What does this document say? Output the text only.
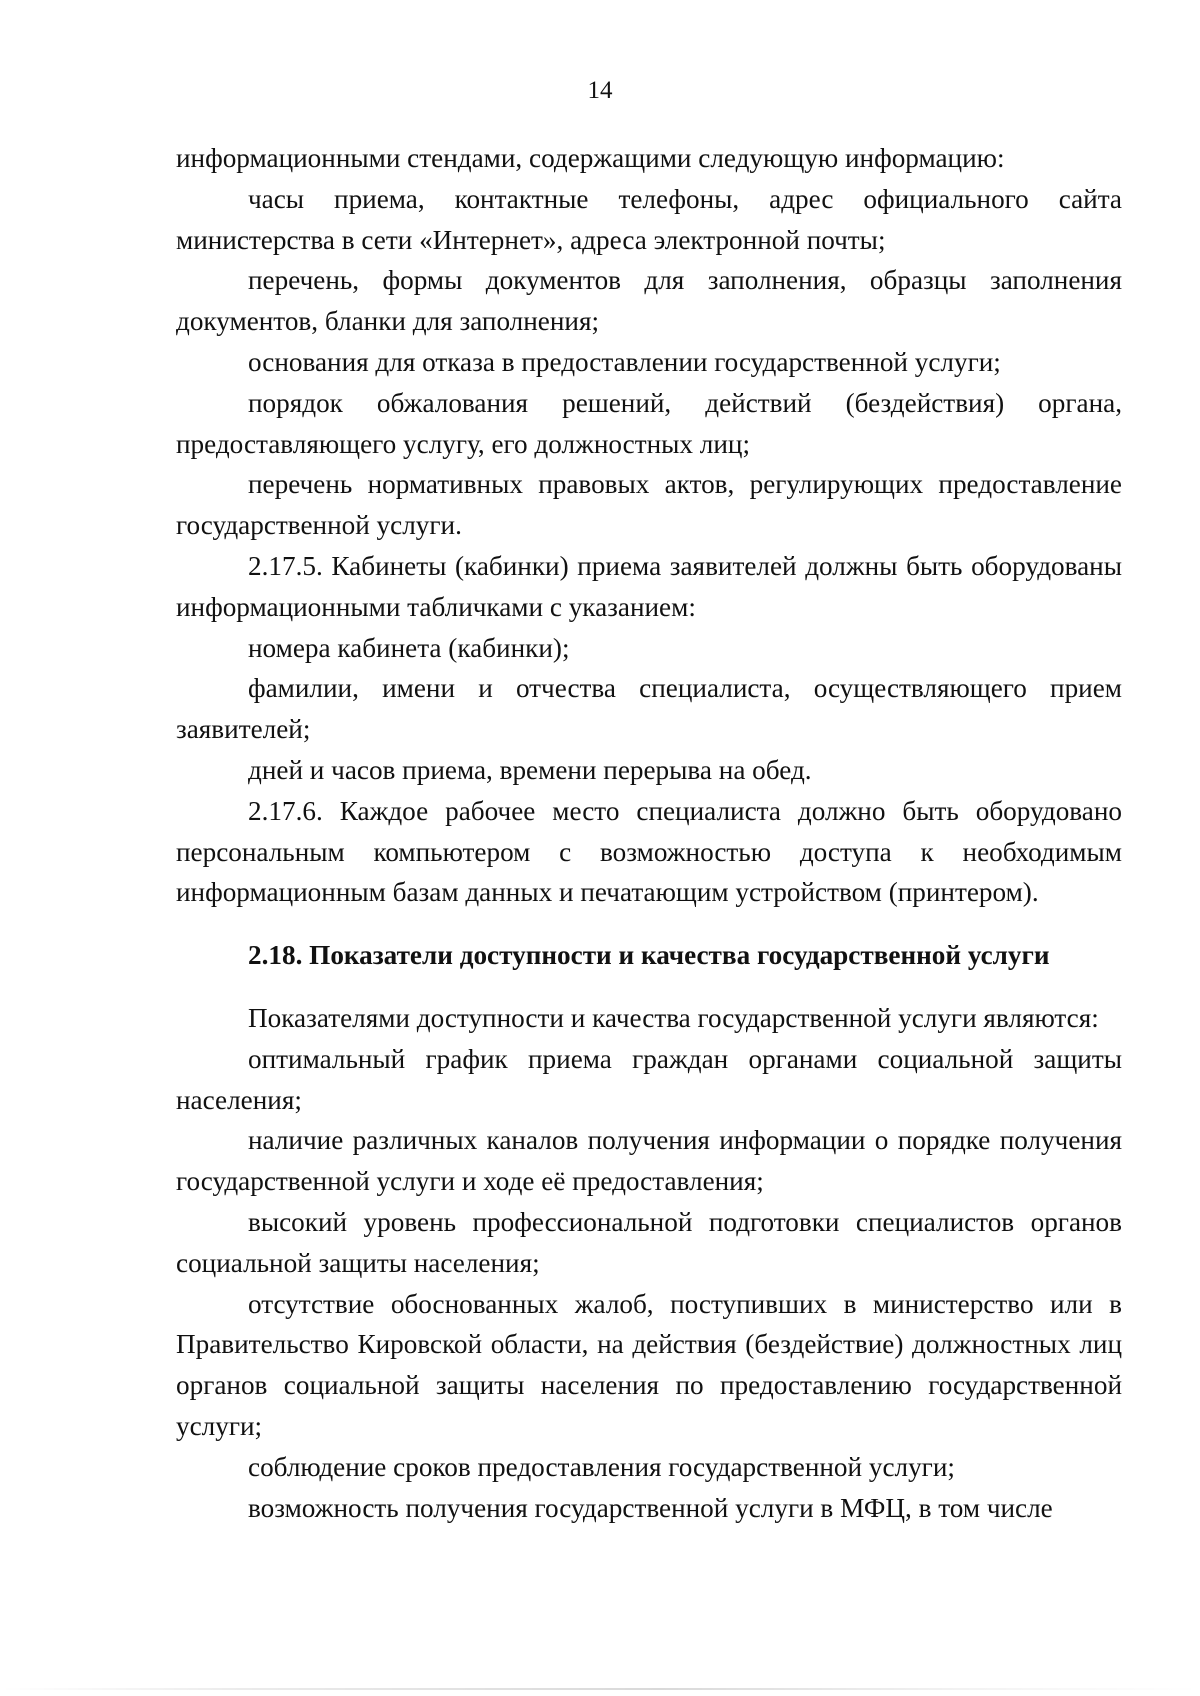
14

информационными стендами, содержащими следующую информацию:

часы приема, контактные телефоны, адрес официального сайта министерства в сети «Интернет», адреса электронной почты;

перечень, формы документов для заполнения, образцы заполнения документов, бланки для заполнения;

основания для отказа в предоставлении государственной услуги;

порядок обжалования решений, действий (бездействия) органа, предоставляющего услугу, его должностных лиц;

перечень нормативных правовых актов, регулирующих предоставление государственной услуги.

2.17.5. Кабинеты (кабинки) приема заявителей должны быть оборудованы информационными табличками с указанием:

номера кабинета (кабинки);

фамилии, имени и отчества специалиста, осуществляющего прием заявителей;

дней и часов приема, времени перерыва на обед.

2.17.6. Каждое рабочее место специалиста должно быть оборудовано персональным компьютером с возможностью доступа к необходимым информационным базам данных и печатающим устройством (принтером).

2.18. Показатели доступности и качества государственной услуги

Показателями доступности и качества государственной услуги являются:

оптимальный график приема граждан органами социальной защиты населения;

наличие различных каналов получения информации о порядке получения государственной услуги и ходе её предоставления;

высокий уровень профессиональной подготовки специалистов органов социальной защиты населения;

отсутствие обоснованных жалоб, поступивших в министерство или в Правительство Кировской области, на действия (бездействие) должностных лиц органов социальной защиты населения по предоставлению государственной услуги;

соблюдение сроков предоставления государственной услуги;

возможность получения государственной услуги в МФЦ, в том числе
